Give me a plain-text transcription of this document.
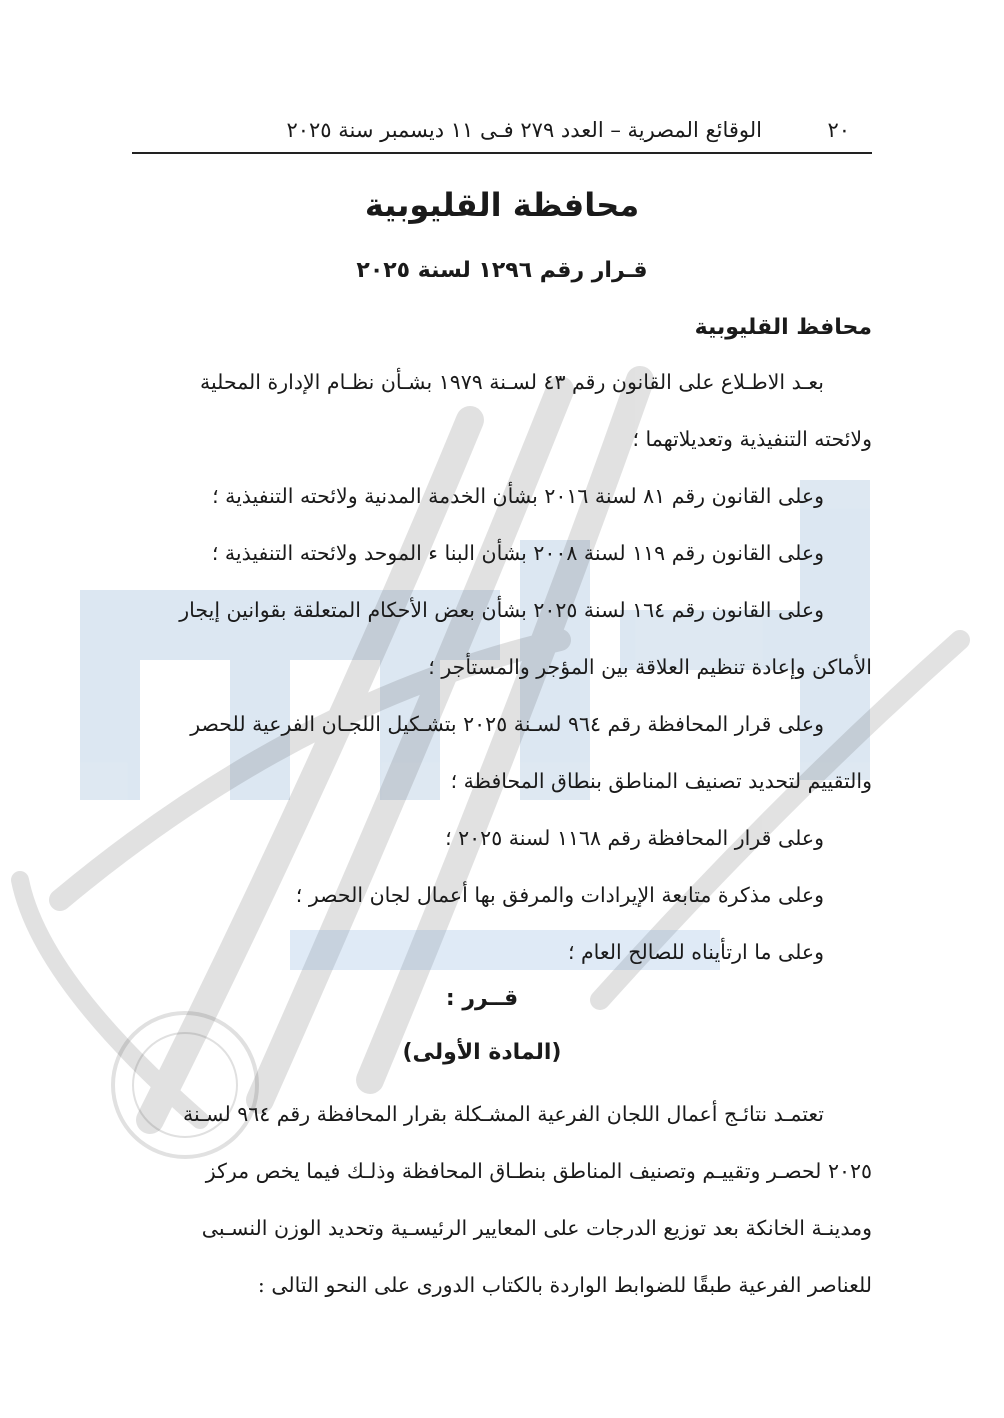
٢٠
الوقائع المصرية – العدد ٢٧٩ فـى ١١ ديسمبر سنة ٢٠٢٥
محافظة القليوبية
قـرار رقم ١٢٩٦ لسنة ٢٠٢٥
محافظ القليوبية
بعـد الاطـلاع على القانون رقم ٤٣ لسـنة ١٩٧٩ بشـأن نظـام الإدارة المحلية
ولائحته التنفيذية وتعديلاتهما ؛
وعلى القانون رقم ٨١ لسنة ٢٠١٦ بشأن الخدمة المدنية ولائحته التنفيذية ؛
وعلى القانون رقم ١١٩ لسنة ٢٠٠٨ بشأن البنا ء الموحد ولائحته التنفيذية ؛
وعلى القانون رقم ١٦٤ لسنة ٢٠٢٥ بشأن بعض الأحكام المتعلقة بقوانين إيجار
الأماكن وإعادة تنظيم العلاقة بين المؤجر والمستأجر ؛
وعلى قرار المحافظة رقم ٩٦٤ لسـنة ٢٠٢٥ بتشـكيل اللجـان الفرعية للحصر
والتقييم لتحديد تصنيف المناطق بنطاق المحافظة ؛
وعلى قرار المحافظة رقم ١١٦٨ لسنة ٢٠٢٥ ؛
وعلى مذكرة متابعة الإيرادات والمرفق بها أعمال لجان الحصر ؛
وعلى ما ارتأيناه للصالح العام ؛
قــرر :
(المادة الأولى)
تعتمـد نتائـج أعمال اللجان الفرعية المشـكلة بقرار المحافظة رقم ٩٦٤ لسـنة
٢٠٢٥ لحصـر وتقييـم وتصنيف المناطق بنطـاق المحافظة وذلـك فيما يخص مركز
ومدينـة الخانكة بعد توزيع الدرجات على المعايير الرئيسـية وتحديد الوزن النسـبى
للعناصر الفرعية طبقًا للضوابط الواردة بالكتاب الدورى على النحو التالى :
